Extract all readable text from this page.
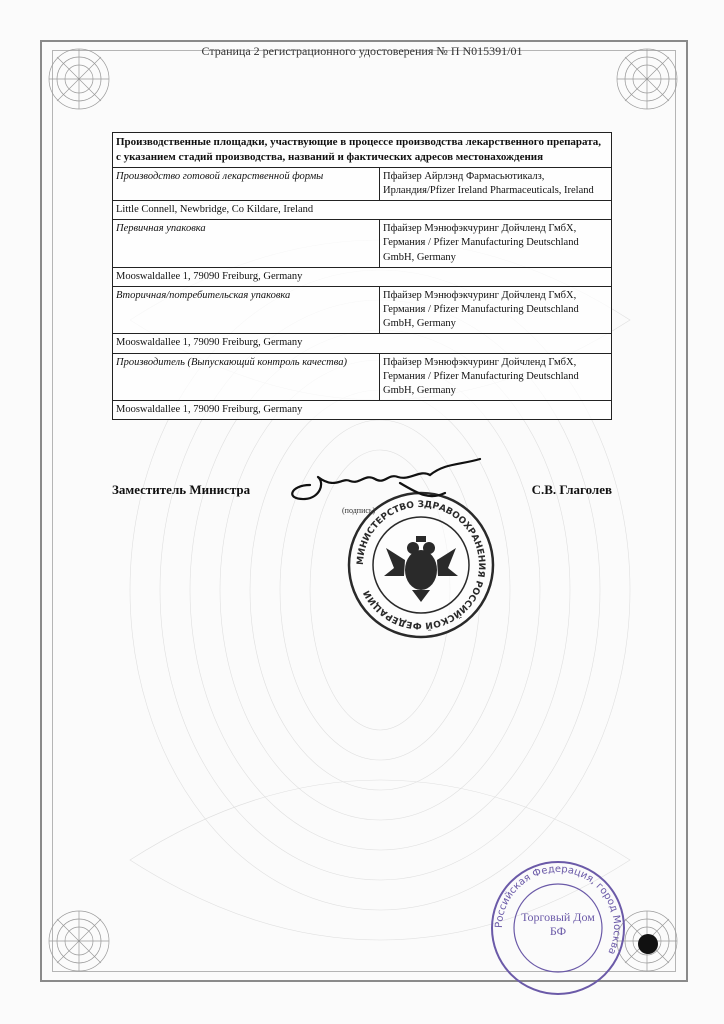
Страница 2 регистрационного удостоверения № П N015391/01
Производственные площадки, участвующие в процессе производства лекарственного препарата, с указанием стадий производства, названий и фактических адресов местонахождения	
Производство готовой лекарственной формы	Пфайзер Айрлэнд Фармасьютикалз, Ирландия/Pfizer Ireland Pharmaceuticals, Ireland
Little Connell, Newbridge, Co Kildare, Ireland	
Первичная упаковка	Пфайзер Мэнюфэкчуринг Дойчленд ГмбХ, Германия / Pfizer Manufacturing Deutschland GmbH, Germany
Mooswaldallee 1, 79090 Freiburg, Germany	
Вторичная/потребительская упаковка	Пфайзер Мэнюфэкчуринг Дойчленд ГмбХ, Германия / Pfizer Manufacturing Deutschland GmbH, Germany
Mooswaldallee 1, 79090 Freiburg, Germany	
Производитель (Выпускающий контроль качества)	Пфайзер Мэнюфэкчуринг Дойчленд ГмбХ, Германия / Pfizer Manufacturing Deutschland GmbH, Germany
Mooswaldallee 1, 79090 Freiburg, Germany	
Заместитель Министра	С.В. Глаголев
МИНИСТЕРСТВО ЗДРАВООХРАНЕНИЯ РОССИЙСКОЙ ФЕДЕРАЦИИ
(подпись)
Российская Федерация, город Москва
Торговый Дом БФ
